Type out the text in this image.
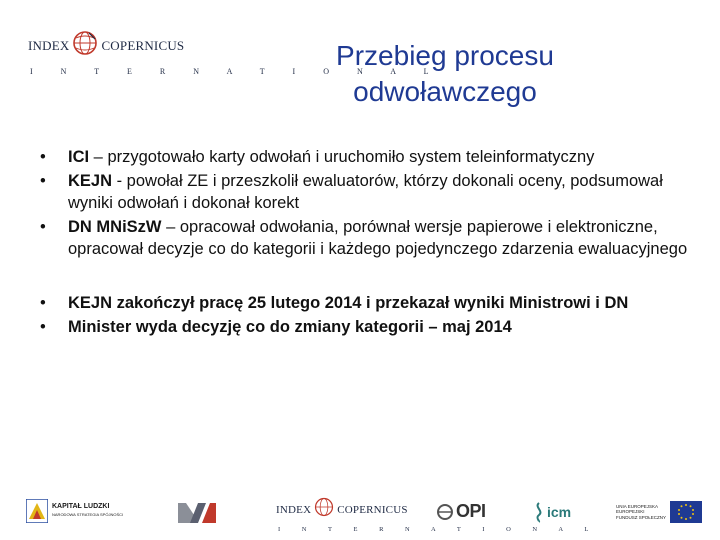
INDEX COPERNICUS
I N T E R N A T I O N A L
Przebieg procesu
odwoławczego
•	ICI – przygotowało karty odwołań i uruchomiło system teleinformatyczny
•	KEJN - powołał ZE i przeszkolił ewaluatorów, którzy dokonali oceny, podsumował wyniki odwołań i dokonał korekt
•	DN MNiSzW – opracował odwołania, porównał wersje papierowe i elektroniczne, opracował decyzje co do kategorii i każdego pojedynczego zdarzenia ewaluacyjnego
•	KEJN zakończył pracę 25 lutego 2014 i przekazał wyniki Ministrowi i DN
•	Minister wyda decyzję co do zmiany kategorii – maj 2014
KAPITAŁ LUDZKI
NARODOWA STRATEGIA SPÓJNOŚCI	INDEX COPERNICUS
I N T E R N A T I O N A L
OPI	icm	UNIA EUROPEJSKA
EUROPEJSKI
FUNDUSZ SPOŁECZNY
